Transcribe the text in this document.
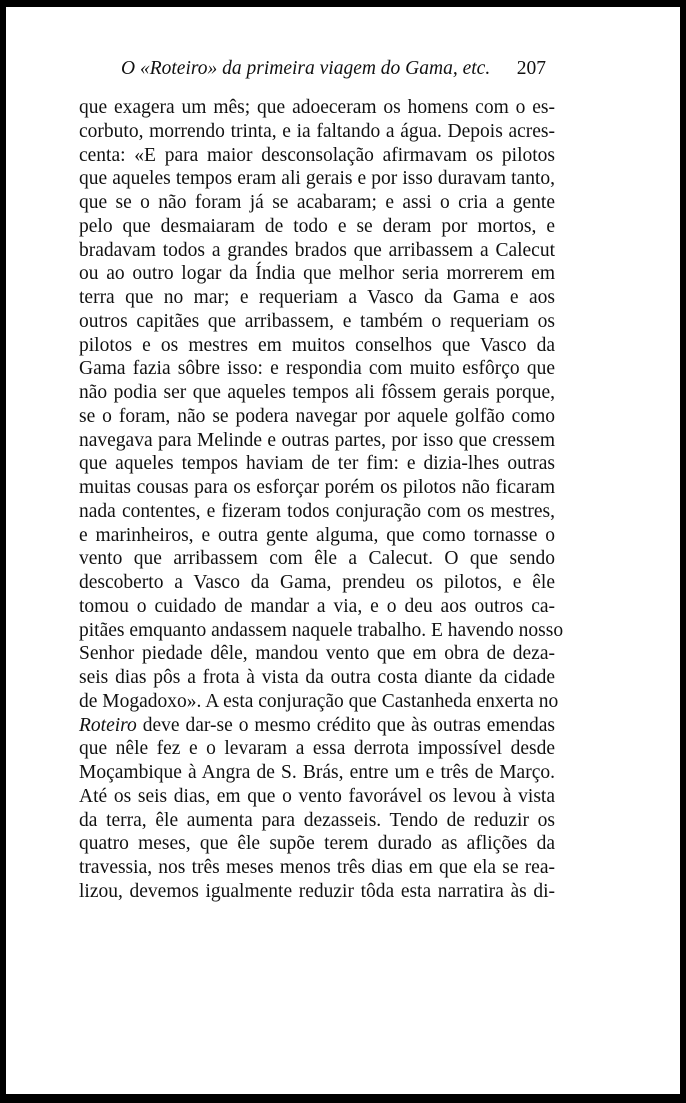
O «Roteiro» da primeira viagem do Gama, etc. 207
que exagera um mês; que adoeceram os homens com o es-
corbuto, morrendo trinta, e ia faltando a água. Depois acres-
centa: «E para maior desconsolação afirmavam os pilotos
que aqueles tempos eram ali gerais e por isso duravam tanto,
que se o não foram já se acabaram; e assi o cria a gente
pelo que desmaiaram de todo e se deram por mortos, e
bradavam todos a grandes brados que arribassem a Calecut
ou ao outro logar da Índia que melhor seria morrerem em
terra que no mar; e requeriam a Vasco da Gama e aos
outros capitães que arribassem, e também o requeriam os
pilotos e os mestres em muitos conselhos que Vasco da
Gama fazia sôbre isso: e respondia com muito esfôrço que
não podia ser que aqueles tempos ali fôssem gerais porque,
se o foram, não se podera navegar por aquele golfão como
navegava para Melinde e outras partes, por isso que cressem
que aqueles tempos haviam de ter fim: e dizia-lhes outras
muitas cousas para os esforçar porém os pilotos não ficaram
nada contentes, e fizeram todos conjuração com os mestres,
e marinheiros, e outra gente alguma, que como tornasse o
vento que arribassem com êle a Calecut. O que sendo
descoberto a Vasco da Gama, prendeu os pilotos, e êle
tomou o cuidado de mandar a via, e o deu aos outros ca-
pitães emquanto andassem naquele trabalho. E havendo nosso
Senhor piedade dêle, mandou vento que em obra de deza-
seis dias pôs a frota à vista da outra costa diante da cidade
de Mogadoxo». A esta conjuração que Castanheda enxerta no
Roteiro deve dar-se o mesmo crédito que às outras emendas
que nêle fez e o levaram a essa derrota impossível desde
Moçambique à Angra de S. Brás, entre um e três de Março.
Até os seis dias, em que o vento favorável os levou à vista
da terra, êle aumenta para dezasseis. Tendo de reduzir os
quatro meses, que êle supõe terem durado as aflições da
travessia, nos três meses menos três dias em que ela se rea-
lizou, devemos igualmente reduzir tôda esta narratira às di-
